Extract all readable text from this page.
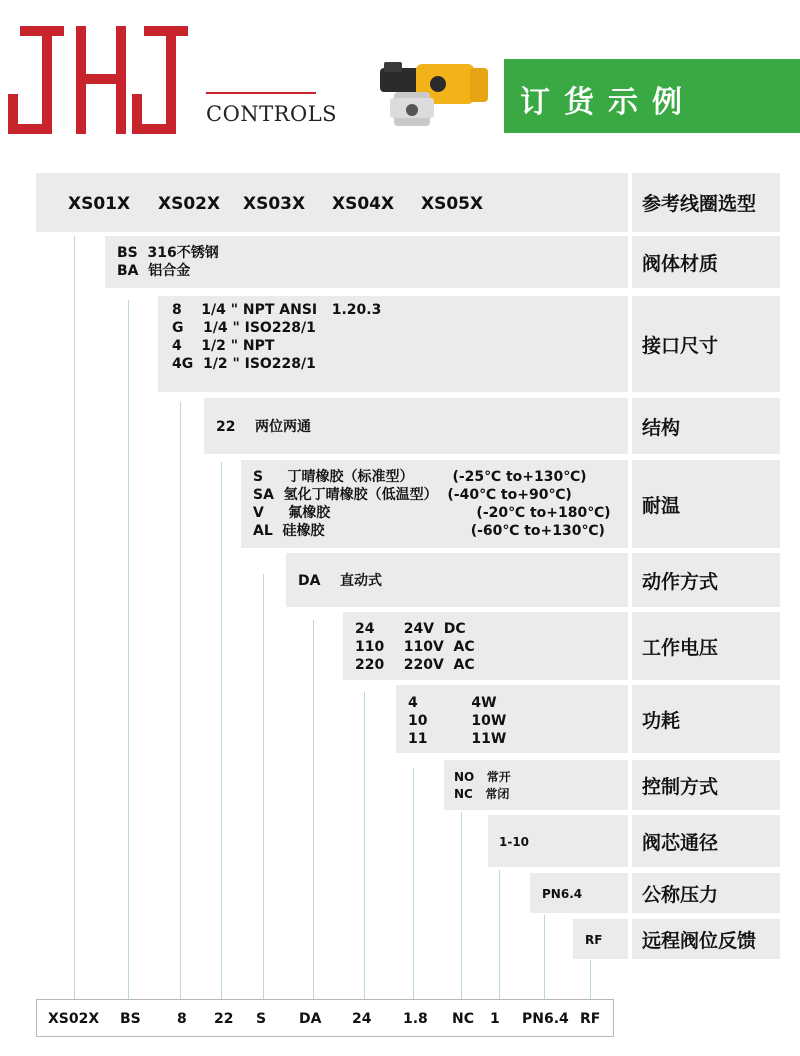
CONTROLS	订货示例
参考线圈选型
XS01X XS02X XS03X XS04X XS05X
阀体材质
BS  316不锈钢
BA  铝合金
接口尺寸
8    1/4 " NPT ANSI   1.20.3
G    1/4 " ISO228/1
4    1/2 " NPT
4G  1/2 " ISO228/1
结构
22    两位两通
耐温
S     丁晴橡胶（标准型）        (-25℃ to+130℃)
SA  氢化丁晴橡胶（低温型）  (-40℃ to+90℃)
V     氟橡胶                              (-20℃ to+180℃)
AL  硅橡胶                              (-60℃ to+130℃)
动作方式
DA    直动式
工作电压
24      24V  DC
110    110V  AC
220    220V  AC
功耗
4           4W
10         10W
11         11W
控制方式
NO   常开
NC   常闭
阀芯通径
1-10
公称压力
PN6.4
远程阀位反馈
RF
XS02X BS	8 22 S DA 24 1.8 NC 1 PN6.4 RF
